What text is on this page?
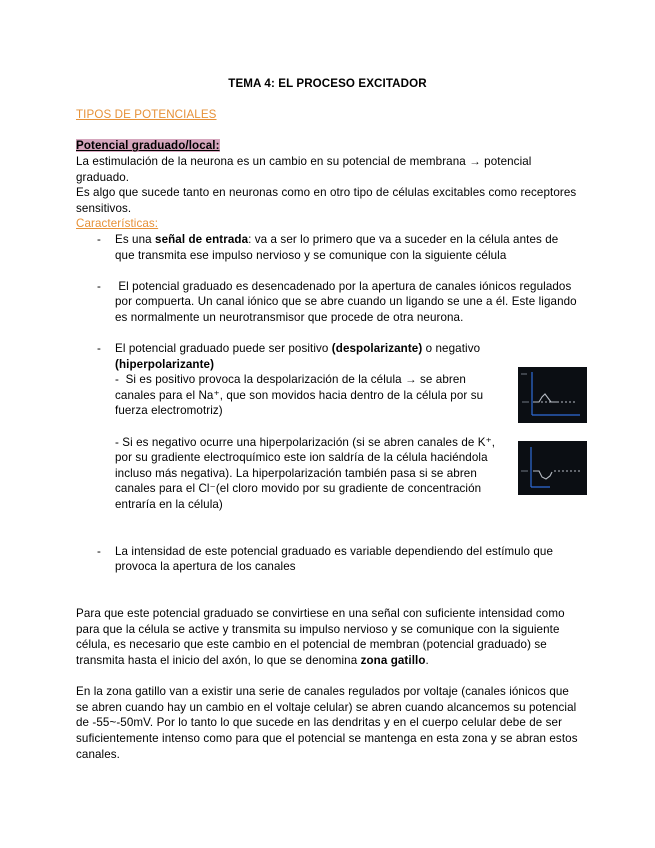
TEMA 4: EL PROCESO EXCITADOR
TIPOS DE POTENCIALES
Potencial graduado/local:
La estimulación de la neurona es un cambio en su potencial de membrana → potencial
graduado.
Es algo que sucede tanto en neuronas como en otro tipo de células excitables como receptores
sensitivos.
Características:
- Es una señal de entrada: va a ser lo primero que va a suceder en la célula antes de
que transmita ese impulso nervioso y se comunique con la siguiente célula
- El potencial graduado es desencadenado por la apertura de canales iónicos regulados
por compuerta. Un canal iónico que se abre cuando un ligando se une a él. Este ligando
es normalmente un neurotransmisor que procede de otra neurona.
- El potencial graduado puede ser positivo (despolarizante) o negativo
(hiperpolarizante)
-  Si es positivo provoca la despolarización de la célula → se abren
canales para el Na⁺, que son movidos hacia dentro de la célula por su
fuerza electromotriz)
- Si es negativo ocurre una hiperpolarización (si se abren canales de K⁺,
por su gradiente electroquímico este ion saldría de la célula haciéndola
incluso más negativa). La hiperpolarización también pasa si se abren
canales para el Cl⁻(el cloro movido por su gradiente de concentración
entraría en la célula)
- La intensidad de este potencial graduado es variable dependiendo del estímulo que
provoca la apertura de los canales
Para que este potencial graduado se convirtiese en una señal con suficiente intensidad como
para que la célula se active y transmita su impulso nervioso y se comunique con la siguiente
célula, es necesario que este cambio en el potencial de membran (potencial graduado) se
transmita hasta el inicio del axón, lo que se denomina zona gatillo.
En la zona gatillo van a existir una serie de canales regulados por voltaje (canales iónicos que
se abren cuando hay un cambio en el voltaje celular) se abren cuando alcancemos su potencial
de -55~-50mV. Por lo tanto lo que sucede en las dendritas y en el cuerpo celular debe de ser
suficientemente intenso como para que el potencial se mantenga en esta zona y se abran estos
canales.
